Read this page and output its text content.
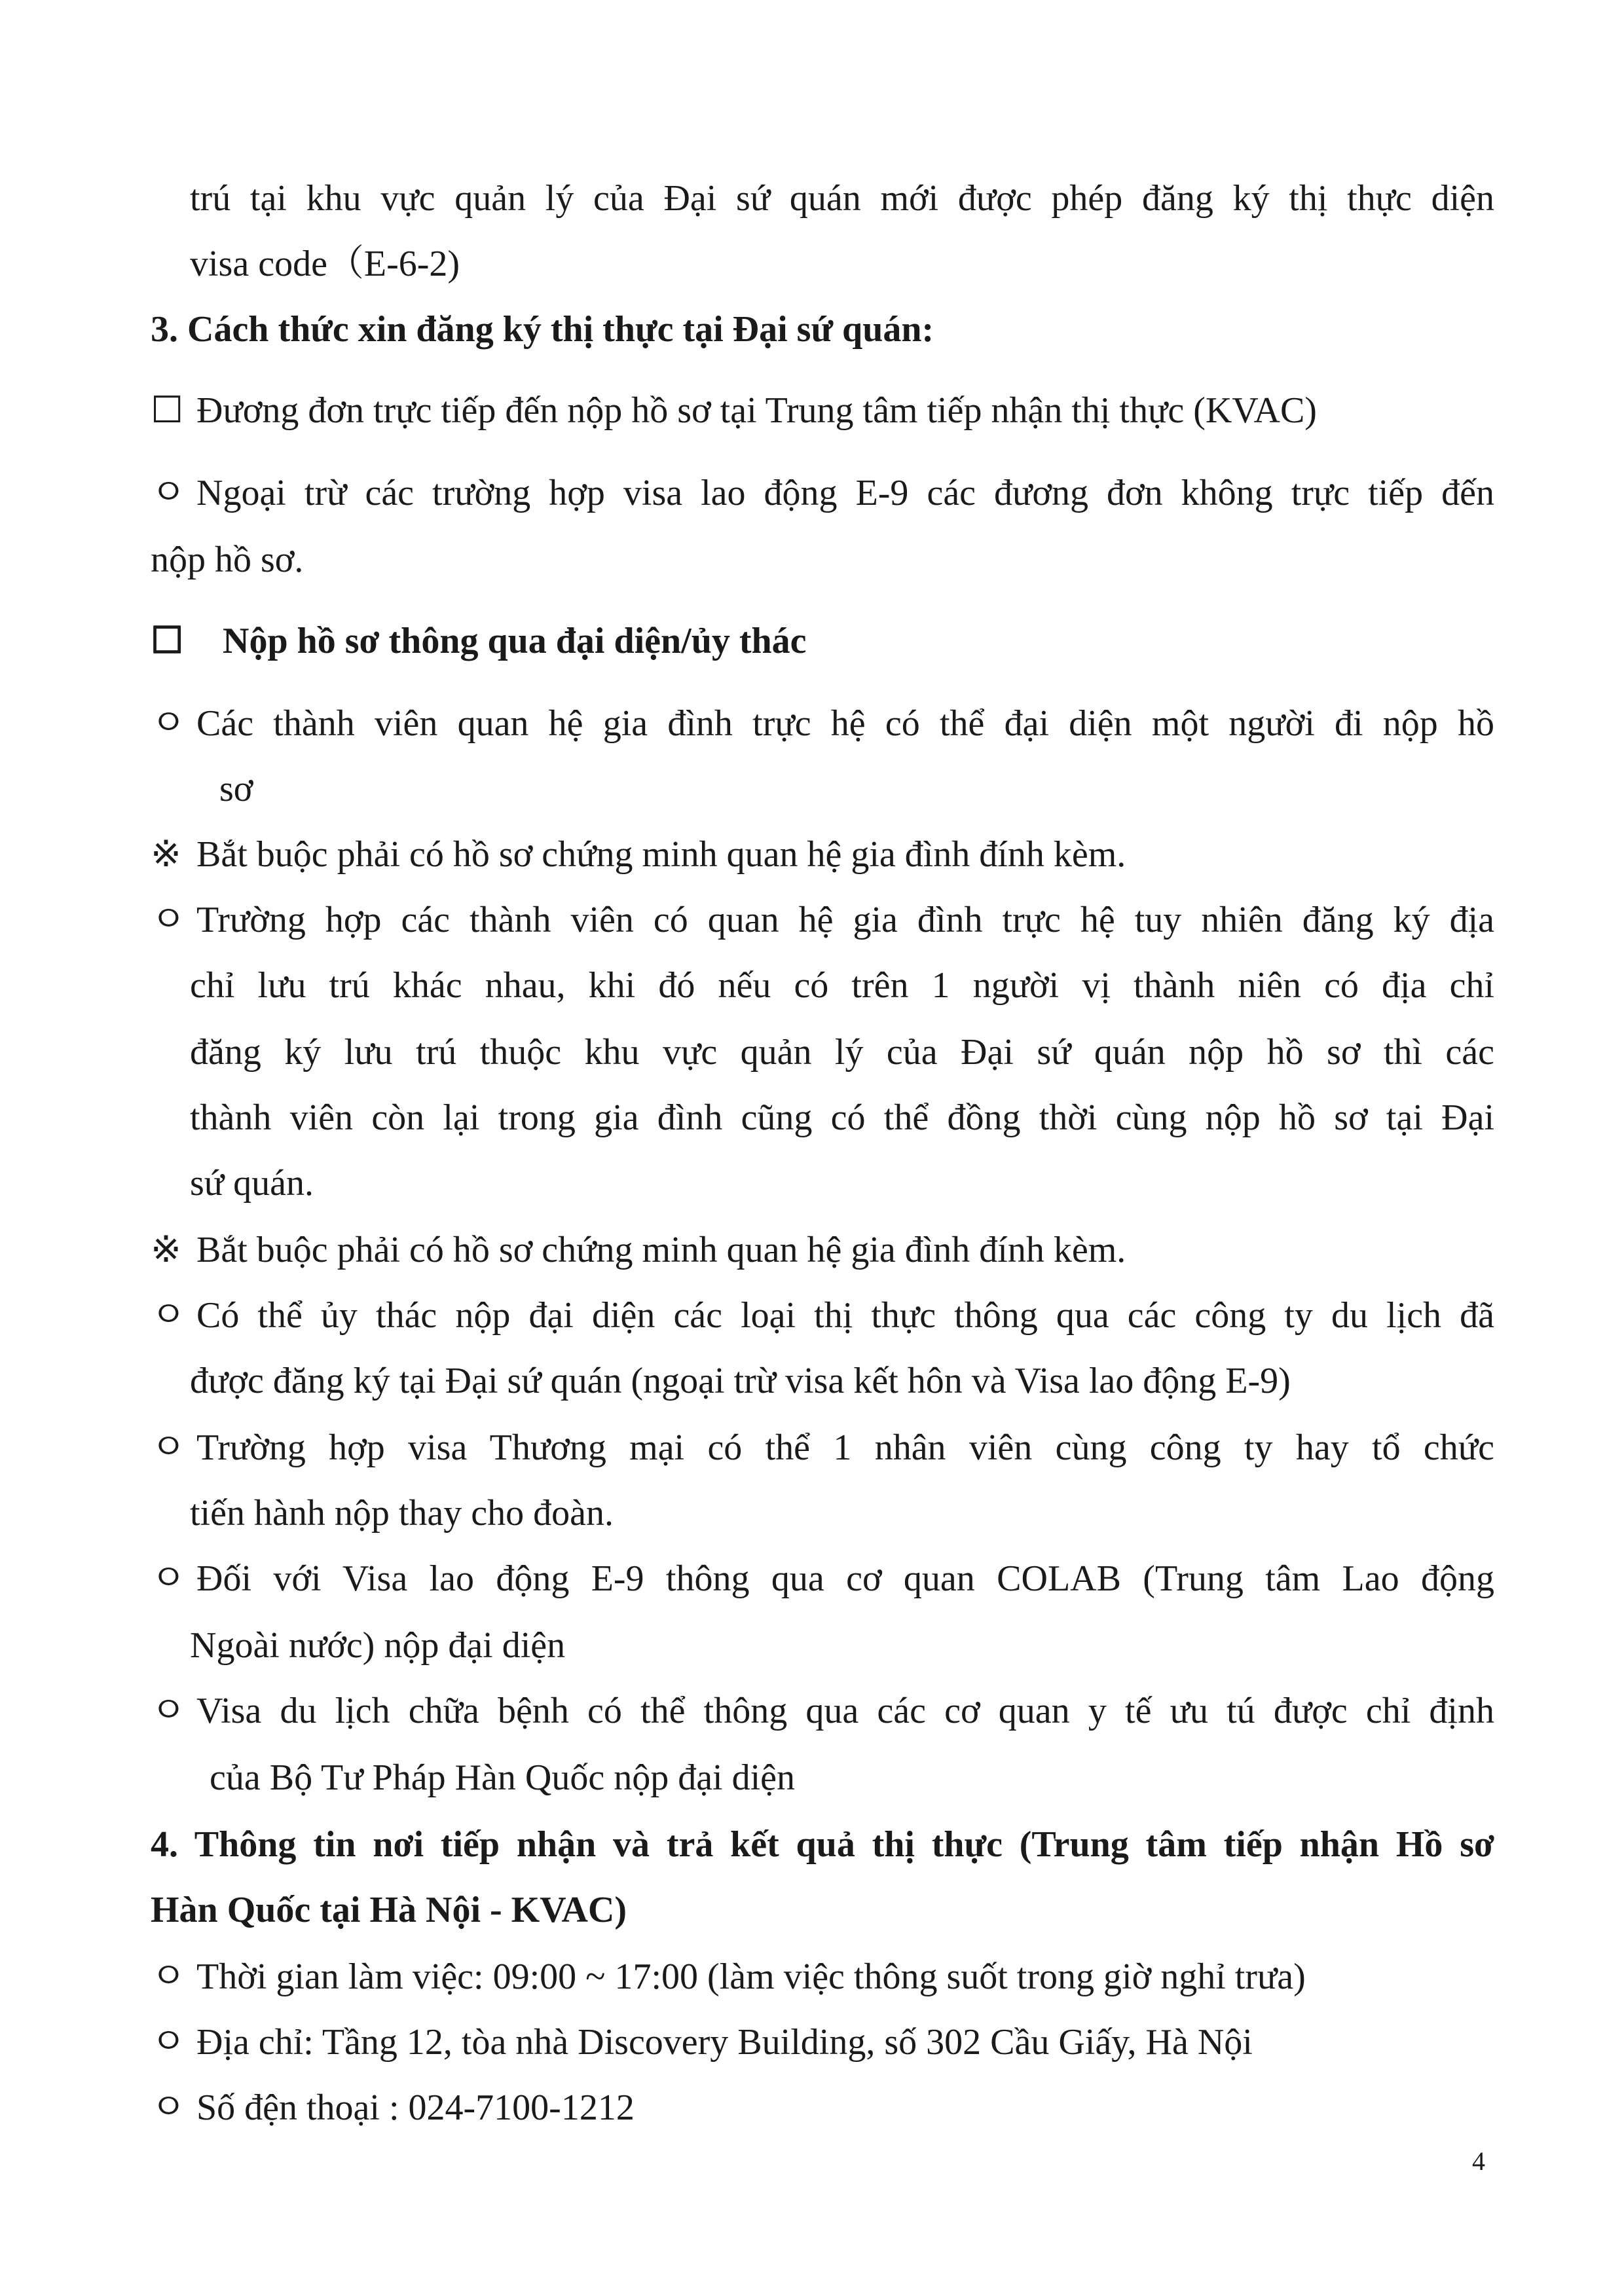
trú tại khu vực quản lý của Đại sứ quán mới được phép đăng ký thị thực diện
visa code（E-6-2)
3. Cách thức xin đăng ký thị thực tại Đại sứ quán:
☐ Đương đơn trực tiếp đến nộp hồ sơ tại Trung tâm tiếp nhận thị thực (KVAC)
ㅇ Ngoại trừ các trường hợp visa lao động E-9 các đương đơn không trực tiếp đến
nộp hồ sơ.
☐ Nộp hồ sơ thông qua đại diện/ủy thác
ㅇ Các thành viên quan hệ gia đình trực hệ có thể đại diện một người đi nộp hồ
sơ
※ Bắt buộc phải có hồ sơ chứng minh quan hệ gia đình đính kèm.
ㅇ Trường hợp các thành viên có quan hệ gia đình trực hệ tuy nhiên đăng ký địa
chỉ lưu trú khác nhau, khi đó nếu có trên 1 người vị thành niên có địa chỉ
đăng ký lưu trú thuộc khu vực quản lý của Đại sứ quán nộp hồ sơ thì các
thành viên còn lại trong gia đình cũng có thể đồng thời cùng nộp hồ sơ tại Đại
sứ quán.
※ Bắt buộc phải có hồ sơ chứng minh quan hệ gia đình đính kèm.
ㅇ Có thể ủy thác nộp đại diện các loại thị thực thông qua các công ty du lịch đã
được đăng ký tại Đại sứ quán (ngoại trừ visa kết hôn và Visa lao động E-9)
ㅇ Trường hợp visa Thương mại có thể 1 nhân viên cùng công ty hay tổ chức
tiến hành nộp thay cho đoàn.
ㅇ Đối với Visa lao động E-9 thông qua cơ quan COLAB (Trung tâm Lao động
Ngoài nước) nộp đại diện
ㅇ Visa du lịch chữa bệnh có thể thông qua các cơ quan y tế ưu tú được chỉ định
của Bộ Tư Pháp Hàn Quốc nộp đại diện
4. Thông tin nơi tiếp nhận và trả kết quả thị thực (Trung tâm tiếp nhận Hồ sơ
Hàn Quốc tại Hà Nội - KVAC)
ㅇ Thời gian làm việc: 09:00 ~ 17:00 (làm việc thông suốt trong giờ nghỉ trưa)
ㅇ Địa chỉ: Tầng 12, tòa nhà Discovery Building, số 302 Cầu Giấy, Hà Nội
ㅇ Số đện thoại : 024-7100-1212
4
